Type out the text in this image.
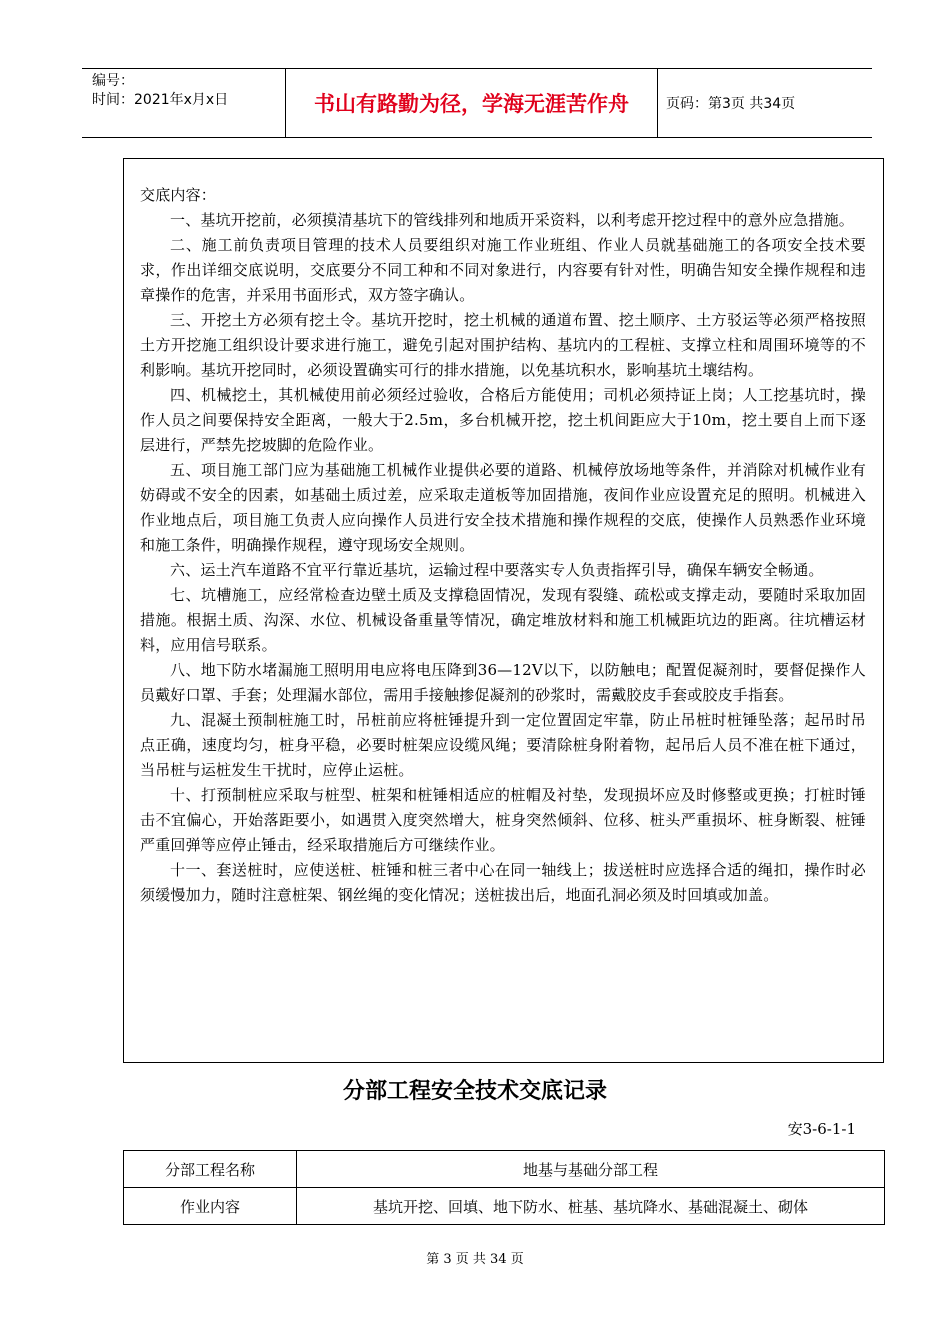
编号：
时间：2021年x月x日	书山有路勤为径，学海无涯苦作舟	页码：第3页 共34页

交底内容：

一、基坑开挖前，必须摸清基坑下的管线排列和地质开采资料，以利考虑开挖过程中的意外应急措施。

二、施工前负责项目管理的技术人员要组织对施工作业班组、作业人员就基础施工的各项安全技术要求，作出详细交底说明，交底要分不同工种和不同对象进行，内容要有针对性，明确告知安全操作规程和违章操作的危害，并采用书面形式，双方签字确认。

三、开挖土方必须有挖土令。基坑开挖时，挖土机械的通道布置、挖土顺序、土方驳运等必须严格按照土方开挖施工组织设计要求进行施工，避免引起对围护结构、基坑内的工程桩、支撑立柱和周围环境等的不利影响。基坑开挖同时，必须设置确实可行的排水措施，以免基坑积水，影响基坑土壤结构。

四、机械挖土，其机械使用前必须经过验收，合格后方能使用；司机必须持证上岗；人工挖基坑时，操作人员之间要保持安全距离，一般大于2.5m，多台机械开挖，挖土机间距应大于10m，挖土要自上而下逐层进行，严禁先挖坡脚的危险作业。

五、项目施工部门应为基础施工机械作业提供必要的道路、机械停放场地等条件，并消除对机械作业有妨碍或不安全的因素，如基础土质过差，应采取走道板等加固措施，夜间作业应设置充足的照明。机械进入作业地点后，项目施工负责人应向操作人员进行安全技术措施和操作规程的交底，使操作人员熟悉作业环境和施工条件，明确操作规程，遵守现场安全规则。

六、运土汽车道路不宜平行靠近基坑，运输过程中要落实专人负责指挥引导，确保车辆安全畅通。

七、坑槽施工，应经常检查边壁土质及支撑稳固情况，发现有裂缝、疏松或支撑走动，要随时采取加固措施。根据土质、沟深、水位、机械设备重量等情况，确定堆放材料和施工机械距坑边的距离。往坑槽运材料，应用信号联系。

八、地下防水堵漏施工照明用电应将电压降到36—12V以下，以防触电；配置促凝剂时，要督促操作人员戴好口罩、手套；处理漏水部位，需用手接触掺促凝剂的砂浆时，需戴胶皮手套或胶皮手指套。

九、混凝土预制桩施工时，吊桩前应将桩锤提升到一定位置固定牢靠，防止吊桩时桩锤坠落；起吊时吊点正确，速度均匀，桩身平稳，必要时桩架应设缆风绳；要清除桩身附着物，起吊后人员不准在桩下通过，当吊桩与运桩发生干扰时，应停止运桩。

十、打预制桩应采取与桩型、桩架和桩锤相适应的桩帽及衬垫，发现损坏应及时修整或更换；打桩时锤击不宜偏心，开始落距要小，如遇贯入度突然增大，桩身突然倾斜、位移、桩头严重损坏、桩身断裂、桩锤严重回弹等应停止锤击，经采取措施后方可继续作业。

十一、套送桩时，应使送桩、桩锤和桩三者中心在同一轴线上；拔送桩时应选择合适的绳扣，操作时必须缓慢加力，随时注意桩架、钢丝绳的变化情况；送桩拔出后，地面孔洞必须及时回填或加盖。

分部工程安全技术交底记录
安3-6-1-1
分部工程名称	地基与基础分部工程
作业内容	基坑开挖、回填、地下防水、桩基、基坑降水、基础混凝土、砌体
第 3 页 共 34 页
